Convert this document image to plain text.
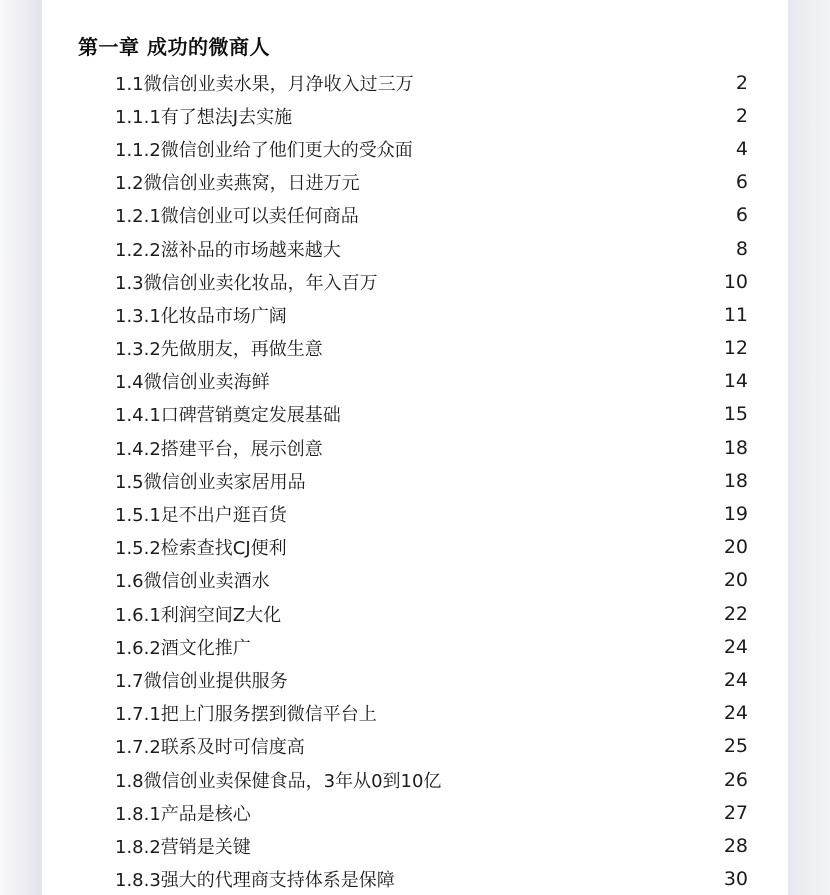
第一章 成功的微商人
1.1微信创业卖水果，月净收入过三万	2
1.1.1有了想法J去实施	2
1.1.2微信创业给了他们更大的受众面	4
1.2微信创业卖燕窝，日进万元	6
1.2.1微信创业可以卖任何商品	6
1.2.2滋补品的市场越来越大	8
1.3微信创业卖化妆品，年入百万	10
1.3.1化妆品市场广阔	11
1.3.2先做朋友，再做生意	12
1.4微信创业卖海鲜	14
1.4.1口碑营销奠定发展基础	15
1.4.2搭建平台，展示创意	18
1.5微信创业卖家居用品	18
1.5.1足不出户逛百货	19
1.5.2检索查找CJ便利	20
1.6微信创业卖酒水	20
1.6.1利润空间Z大化	22
1.6.2酒文化推广	24
1.7微信创业提供服务	24
1.7.1把上门服务摆到微信平台上	24
1.7.2联系及时可信度高	25
1.8微信创业卖保健食品，3年从0到10亿	26
1.8.1产品是核心	27
1.8.2营销是关键	28
1.8.3强大的代理商支持体系是保障	30
